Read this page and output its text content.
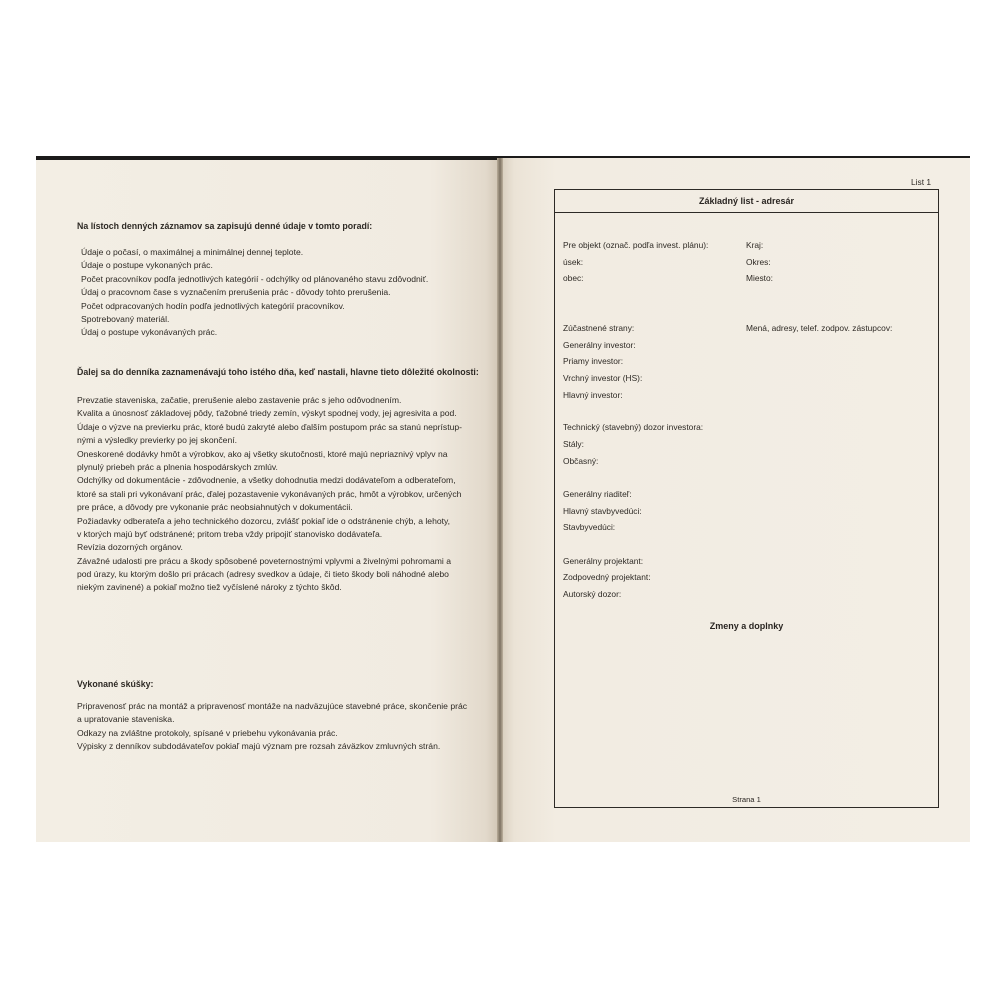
Na lístoch denných záznamov sa zapisujú denné údaje v tomto poradí:
Údaje o počasí, o maximálnej a minimálnej dennej teplote.
Údaje o postupe vykonaných prác.
Počet pracovníkov podľa jednotlivých kategórií - odchýlky od plánovaného stavu zdôvodniť.
Údaj o pracovnom čase s vyznačením prerušenia prác - dôvody tohto prerušenia.
Počet odpracovaných hodín podľa jednotlivých kategórií pracovníkov.
Spotrebovaný materiál.
Údaj o postupe vykonávaných prác.
Ďalej sa do denníka zaznamenávajú toho istého dňa, keď nastali, hlavne tieto dôležité okolnosti:
Prevzatie staveniska, začatie, prerušenie alebo zastavenie prác s jeho odôvodnením.
Kvalita a únosnosť základovej pôdy, ťažobné triedy zemín, výskyt spodnej vody, jej agresivita a pod.
Údaje o výzve na previerku prác, ktoré budú zakryté alebo ďalším postupom prác sa stanú neprístup-
nými a výsledky previerky po jej skončení.
Oneskorené dodávky hmôt a výrobkov, ako aj všetky skutočnosti, ktoré majú nepriaznivý vplyv na
plynulý priebeh prác a plnenia hospodárskych zmlúv.
Odchýlky od dokumentácie - zdôvodnenie, a všetky dohodnutia medzi dodávateľom a odberateľom,
ktoré sa stali pri vykonávaní prác, ďalej pozastavenie vykonávaných prác, hmôt a výrobkov, určených
pre práce, a dôvody pre vykonanie prác neobsiahnutých v dokumentácii.
Požiadavky odberateľa a jeho technického dozorcu, zvlášť pokiaľ ide o odstránenie chýb, a lehoty,
v ktorých majú byť odstránené; pritom treba vždy pripojiť stanovisko dodávateľa.
Revízia dozorných orgánov.
Závažné udalosti pre prácu a škody spôsobené poveternostnými vplyvmi a živelnými pohromami a
pod úrazy, ku ktorým došlo pri prácach (adresy svedkov a údaje, či tieto škody boli náhodné alebo
niekým zavinené) a pokiaľ možno tiež vyčíslené nároky z týchto škôd.
Vykonané skúšky:
Pripravenosť prác na montáž a pripravenosť montáže na nadväzujúce stavebné práce, skončenie prác
a upratovanie staveniska.
Odkazy na zvláštne protokoly, spísané v priebehu vykonávania prác.
Výpisky z denníkov subdodávateľov pokiaľ majú význam pre rozsah záväzkov zmluvných strán.
List 1
Základný list - adresár
Pre objekt (označ. podľa invest. plánu):
úsek:
obec:
Kraj:
Okres:
Miesto:
Zúčastnené strany:	Mená, adresy, telef. zodpov. zástupcov:
Generálny investor:
Priamy investor:
Vrchný investor (HS):
Hlavný investor:
Technický (stavebný) dozor investora:
Stály:
Občasný:
Generálny riaditeľ:
Hlavný stavbyvedúci:
Stavbyvedúci:
Generálny projektant:
Zodpovedný projektant:
Autorský dozor:
Zmeny a doplnky
Strana 1
